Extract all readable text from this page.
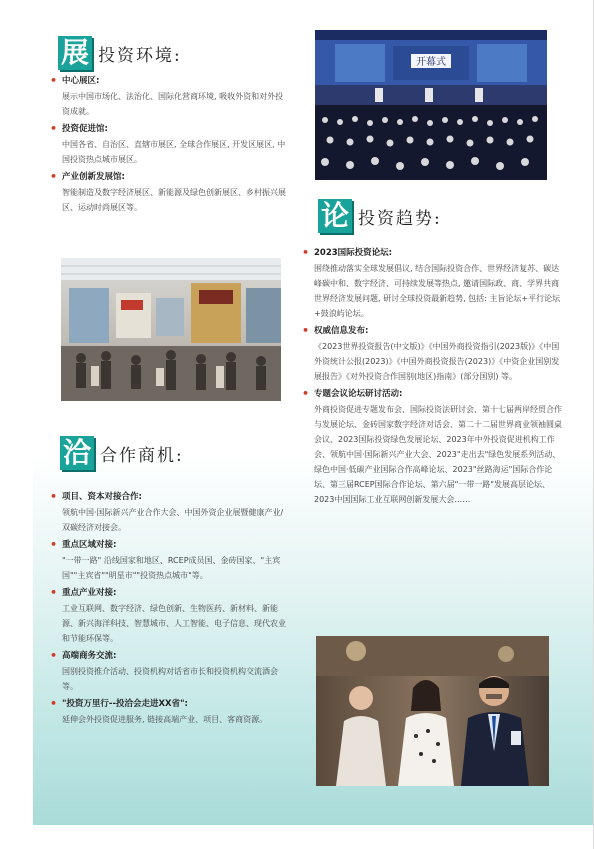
展 投资环境:
• 中心展区:
展示中国市场化、法治化、国际化营商环境, 吸收外资和对外投资成就。
• 投资促进馆:
中国各省、自治区、直辖市展区, 全球合作展区, 开发区展区, 中国投资热点城市展区。
• 产业创新发展馆:
智能制造及数字经济展区、新能源及绿色创新展区、乡村振兴展区、运动时尚展区等。
开幕式
论 投资趋势:
• 2023国际投资论坛:
围绕推动落实全球发展倡议, 结合国际投资合作、世界经济复苏、碳达峰碳中和、数字经济、可持续发展等热点, 邀请国际政、商、学界共商世界经济发展问题, 研讨全球投资最新趋势, 包括: 主旨论坛+平行论坛+鼓浪屿论坛。
• 权威信息发布:
《2023世界投资报告(中文版)》《中国外商投资指引(2023版)》《中国外资统计公报(2023)》《中国外商投资报告(2023)》《中资企业国别发展报告》《对外投资合作国别(地区)指南》(部分国别) 等。
• 专题会议论坛研讨活动:
外商投资促进专题发布会、国际投资法研讨会、第十七届两岸经贸合作与发展论坛、金砖国家数字经济对话会、第二十二届世界商业领袖圆桌会议、2023国际投资绿色发展论坛、2023年中外投资促进机构工作会、领航中国·国际新兴产业大会、2023"走出去"绿色发展系列活动、绿色中国·低碳产业国际合作高峰论坛、2023"丝路海运"国际合作论坛、第三届RCEP国际合作论坛、第六届"一带一路"发展高层论坛、2023中国国际工业互联网创新发展大会……
洽 合作商机:
• 项目、资本对接合作:
领航中国·国际新兴产业合作大会、中国外资企业展暨健康产业/双碳经济对接会。
• 重点区域对接:
"一带一路" 沿线国家和地区、RCEP成员国、金砖国家、"主宾国""主宾省""明星市""投资热点城市"等。
• 重点产业对接:
工业互联网、数字经济、绿色创新、生物医药、新材料、新能源、新兴海洋科技、智慧城市、人工智能、电子信息、现代农业和节能环保等。
• 高端商务交流:
国别投资推介活动、投资机构对话省市长和投资机构交流酒会等。
• "投资万里行--投洽会走进XX省":
延伸会外投资促进服务, 链接高端产业、项目、客商资源。
